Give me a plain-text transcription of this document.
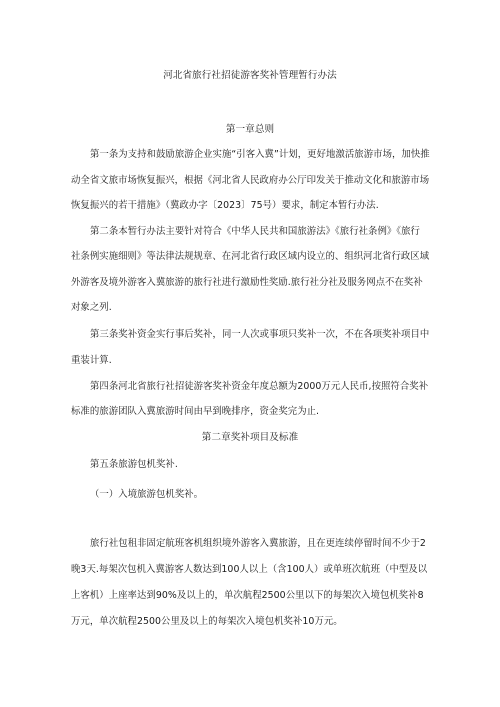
河北省旅行社招徒游客奖补管理暂行办法
第一章总则
第一条为支持和鼓励旅游企业实施“引客入冀”计划，更好地激活旅游市场，加快推
动全省文旅市场恢复振兴，根据《河北省人民政府办公厅印发关于推动文化和旅游市场
恢复振兴的若干措施》（冀政办字〔2023〕75号）要求，制定本暂行办法.
第二条本暂行办法主要针对符合《中华人民共和国旅游法》《旅行社条例》《旅行
社条例实施细则》等法律法规规章、在河北省行政区域内设立的、组织河北省行政区域
外游客及境外游客入冀旅游的旅行社进行激励性奖励.旅行社分社及服务网点不在奖补
对象之列.
第三条奖补资金实行事后奖补，同一人次或事项只奖补一次，不在各项奖补项目中
重装计算.
第四条河北省旅行社招徒游客奖补资金年度总额为2000万元人民币,按照符合奖补
标准的旅游团队入冀旅游时间由早到晚排序，资金奖完为止.
第二章奖补项目及标准
第五条旅游包机奖补.
（一）入境旅游包机奖补。
旅行社包租非固定航班客机组织境外游客入冀旅游，且在更连续停留时间不少于2
晚3天.每架次包机入冀游客人数达到100人以上（含100人）或单班次航班（中型及以
上客机）上座率达到90%及以上的，单次航程2500公里以下的每架次入境包机奖补8
万元，单次航程2500公里及以上的每架次入境包机奖补10万元。
